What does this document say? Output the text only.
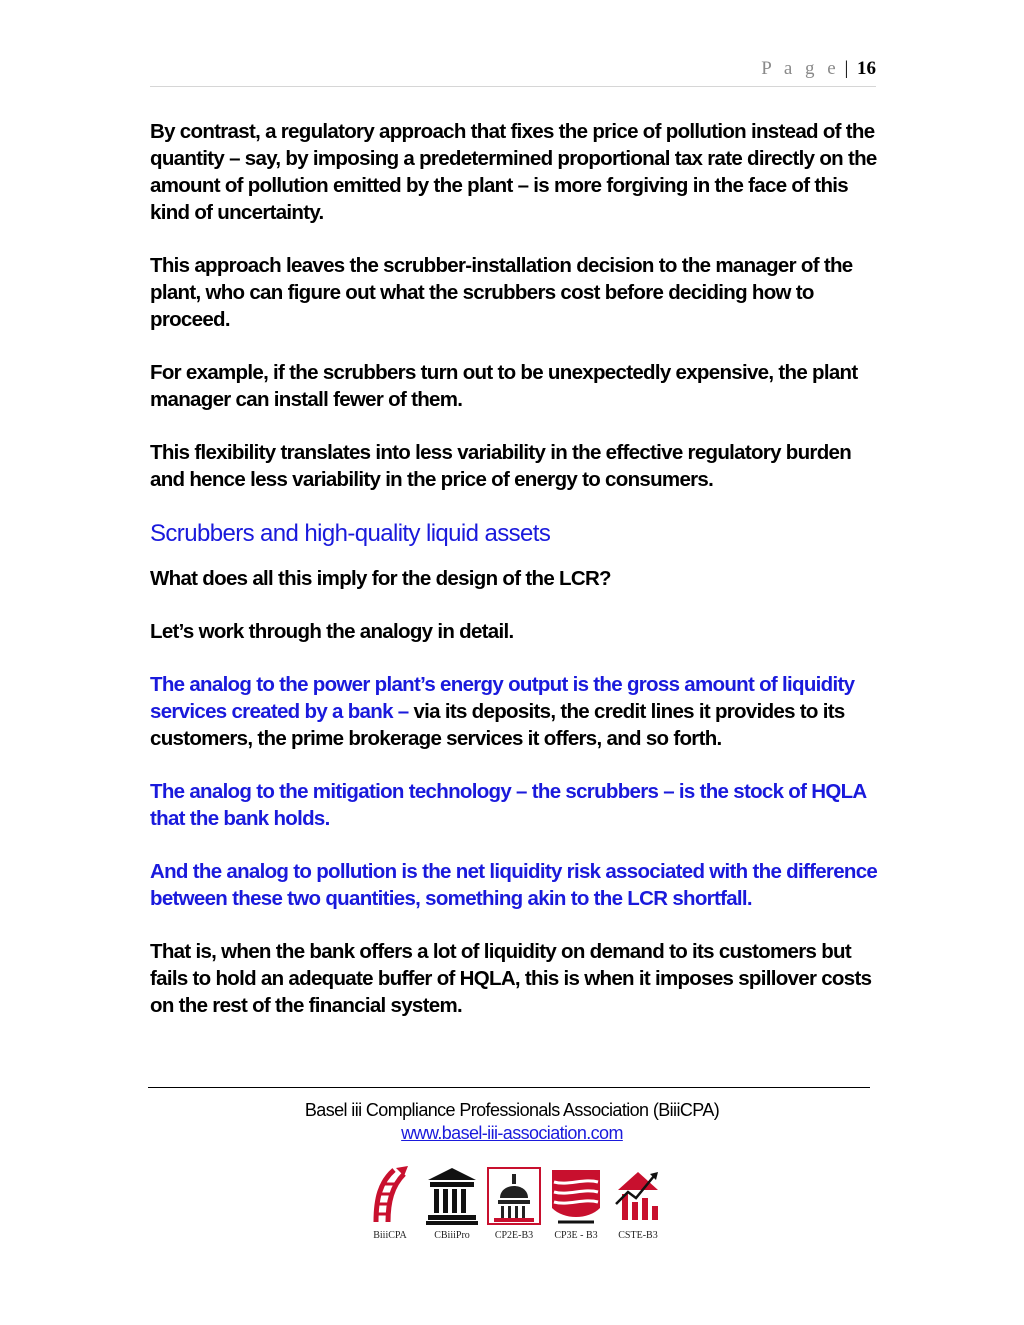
P a g e | 16

By contrast, a regulatory approach that fixes the price of pollution instead of the quantity – say, by imposing a predetermined proportional tax rate directly on the amount of pollution emitted by the plant – is more forgiving in the face of this kind of uncertainty.

This approach leaves the scrubber-installation decision to the manager of the plant, who can figure out what the scrubbers cost before deciding how to proceed.

For example, if the scrubbers turn out to be unexpectedly expensive, the plant manager can install fewer of them.

This flexibility translates into less variability in the effective regulatory burden and hence less variability in the price of energy to consumers.

Scrubbers and high-quality liquid assets

What does all this imply for the design of the LCR?

Let’s work through the analogy in detail.

The analog to the power plant’s energy output is the gross amount of liquidity services created by a bank – via its deposits, the credit lines it provides to its customers, the prime brokerage services it offers, and so forth.

The analog to the mitigation technology – the scrubbers – is the stock of HQLA that the bank holds.

And the analog to pollution is the net liquidity risk associated with the difference between these two quantities, something akin to the LCR shortfall.

That is, when the bank offers a lot of liquidity on demand to its customers but fails to hold an adequate buffer of HQLA, this is when it imposes spillover costs on the rest of the financial system.

Basel iii Compliance Professionals Association (BiiiCPA)
www.basel-iii-association.com
BiiiCPA	CBiiiPro	CP2E-B3	CP3E - B3	CSTE-B3
